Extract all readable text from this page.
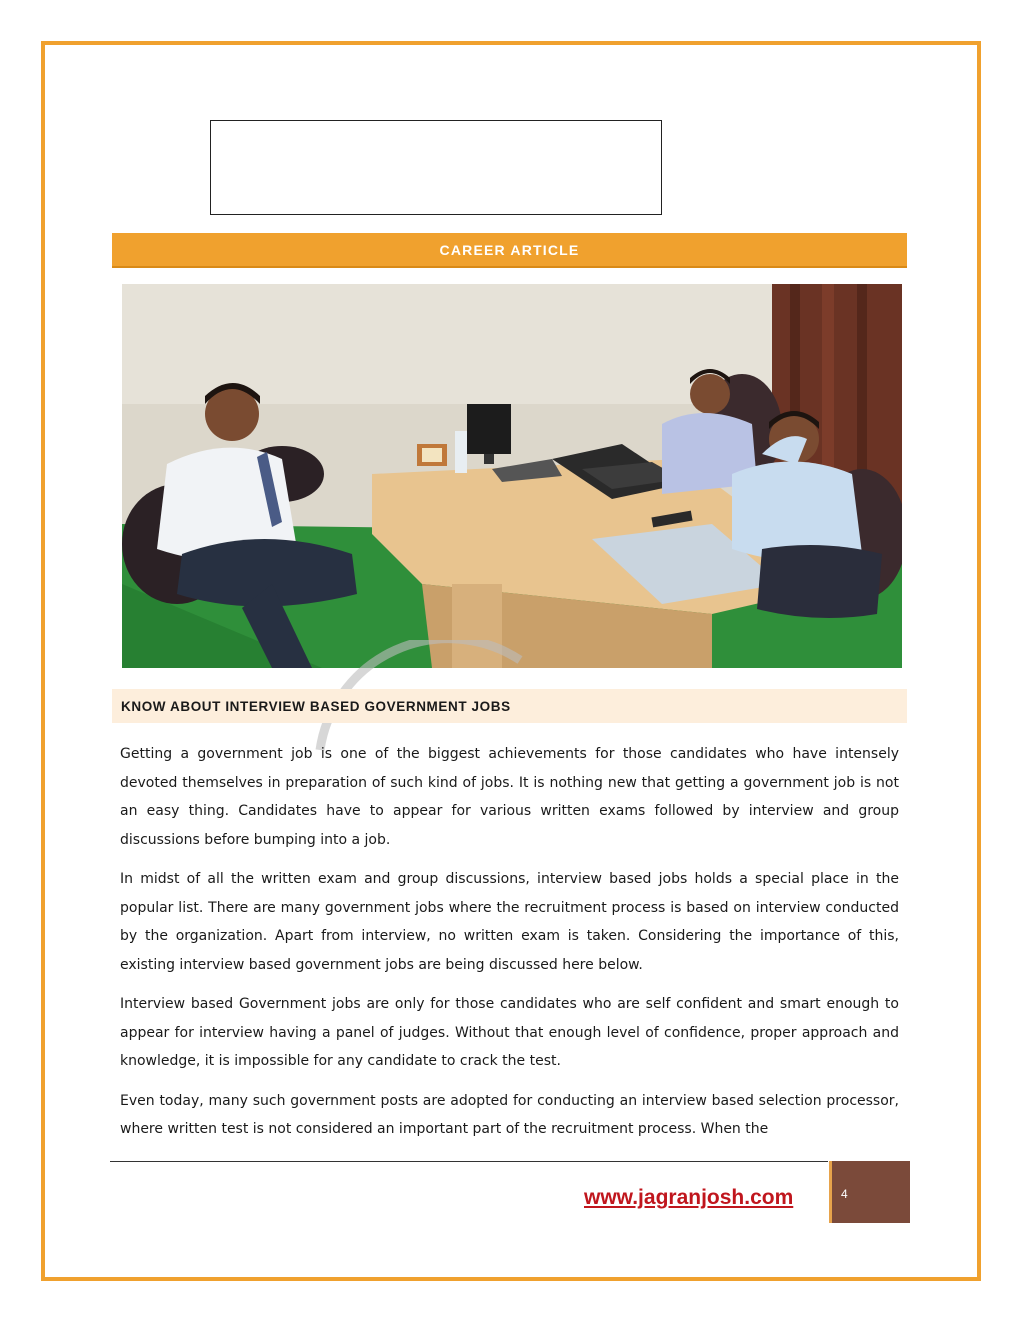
CAREER ARTICLE
KNOW ABOUT INTERVIEW BASED GOVERNMENT JOBS

Getting a government job is one of the biggest achievements for those candidates who have intensely devoted themselves in preparation of such kind of jobs. It is nothing new that getting a government job is not an easy thing. Candidates have to appear for various written exams followed by interview and group discussions before bumping into a job.

In midst of all the written exam and group discussions, interview based jobs holds a special place in the popular list. There are many government jobs where the recruitment process is based on interview conducted by the organization. Apart from interview, no written exam is taken. Considering the importance of this, existing interview based government jobs are being discussed here below.

Interview based Government jobs are only for those candidates who are self confident and smart enough to appear for interview having a panel of judges. Without that enough level of confidence, proper approach and knowledge, it is impossible for any candidate to crack the test.

Even today, many such government posts are adopted for conducting an interview based selection processor, where written test is not considered an important part of the recruitment process. When the

www.jagranjosh.com	4
